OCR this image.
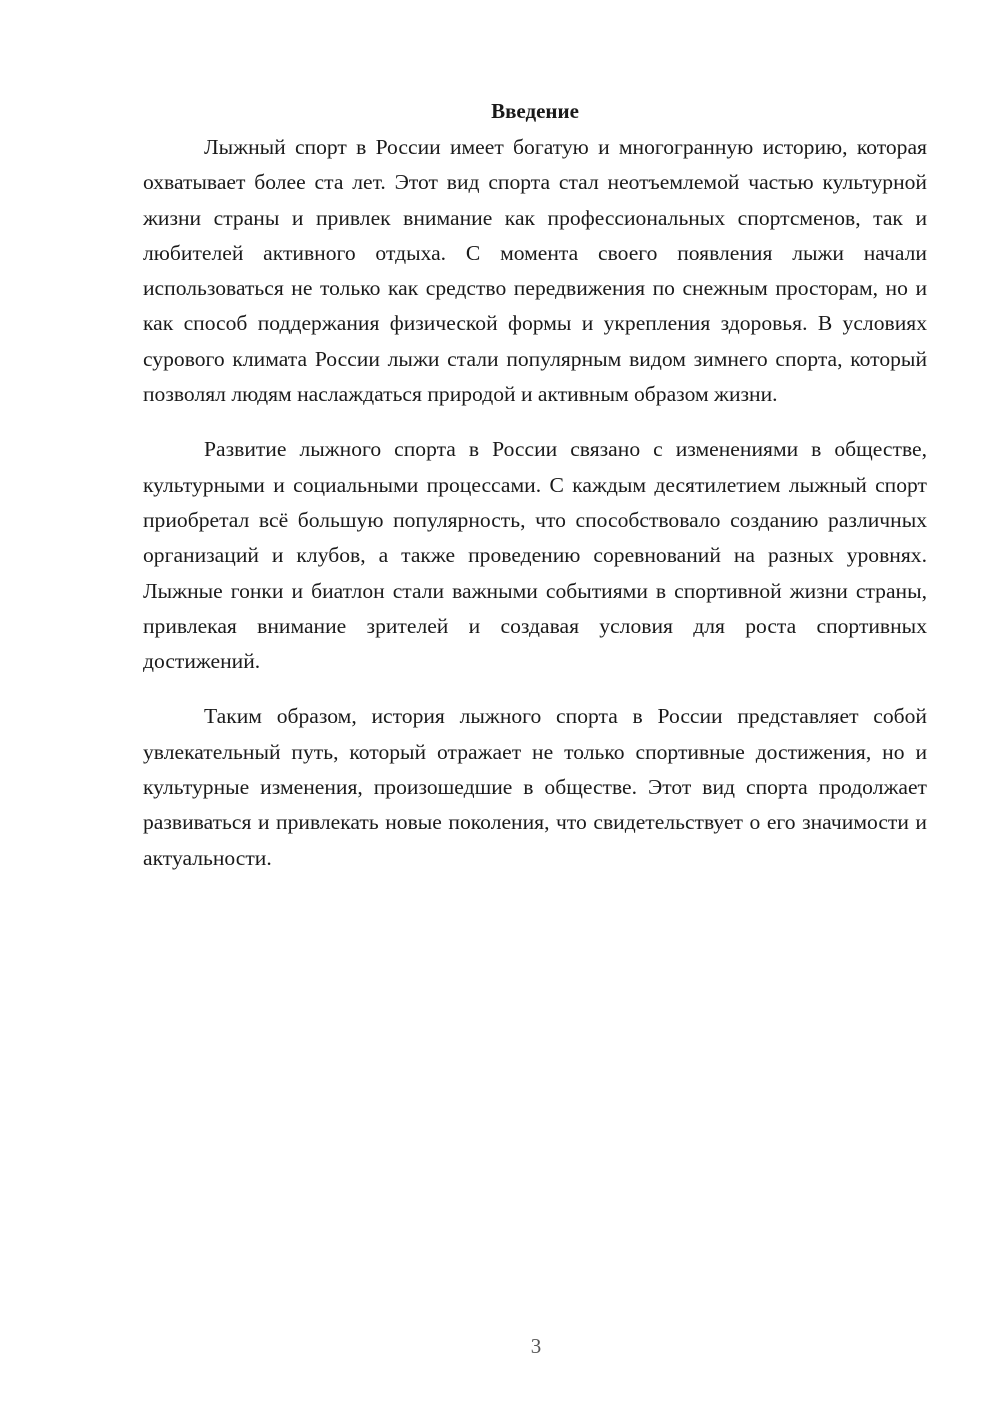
Введение

Лыжный спорт в России имеет богатую и многогранную историю, которая охватывает более ста лет. Этот вид спорта стал неотъемлемой частью культурной жизни страны и привлек внимание как профессиональных спортсменов, так и любителей активного отдыха. С момента своего появления лыжи начали использоваться не только как средство передвижения по снежным просторам, но и как способ поддержания физической формы и укрепления здоровья. В условиях сурового климата России лыжи стали популярным видом зимнего спорта, который позволял людям наслаждаться природой и активным образом жизни.

Развитие лыжного спорта в России связано с изменениями в обществе, культурными и социальными процессами. С каждым десятилетием лыжный спорт приобретал всё большую популярность, что способствовало созданию различных организаций и клубов, а также проведению соревнований на разных уровнях. Лыжные гонки и биатлон стали важными событиями в спортивной жизни страны, привлекая внимание зрителей и создавая условия для роста спортивных достижений.

Таким образом, история лыжного спорта в России представляет собой увлекательный путь, который отражает не только спортивные достижения, но и культурные изменения, произошедшие в обществе. Этот вид спорта продолжает развиваться и привлекать новые поколения, что свидетельствует о его значимости и актуальности.

3
